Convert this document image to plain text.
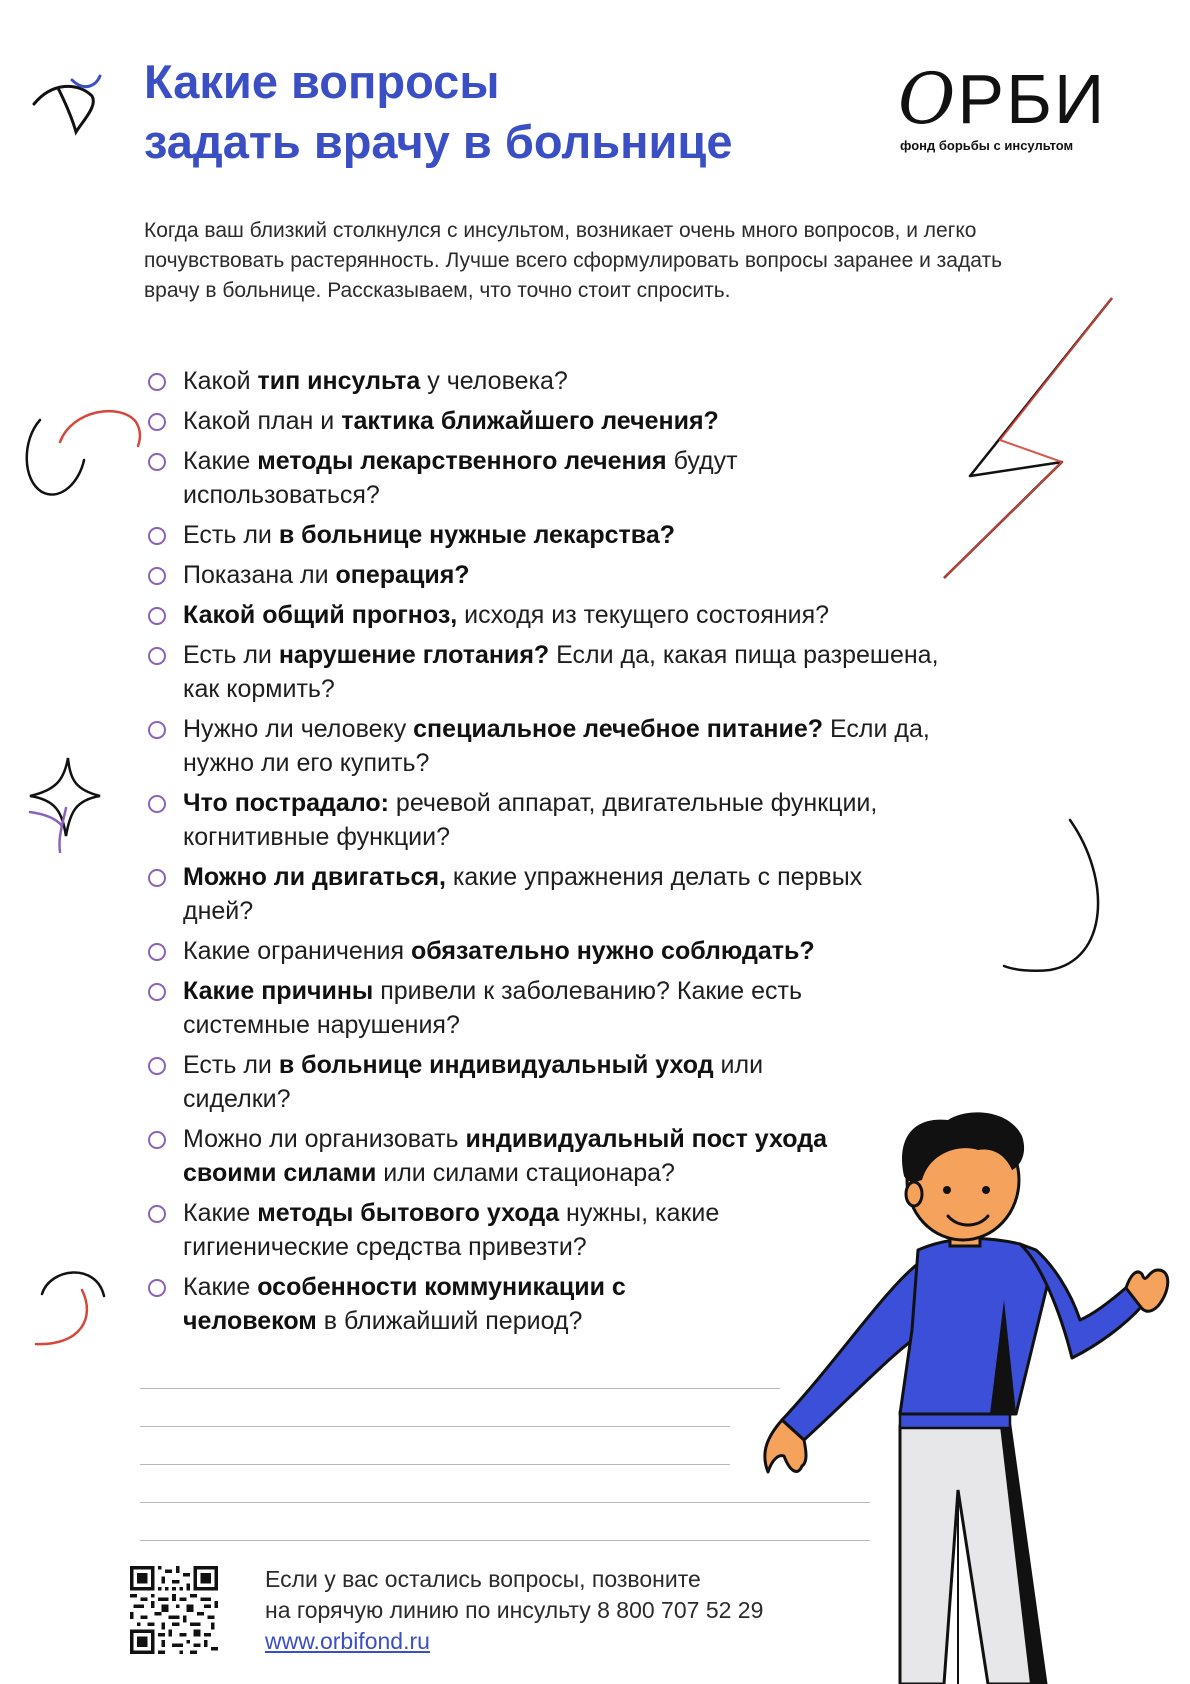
Какие вопросы
задать врачу в больнице
ОРБИ
фонд борьбы с инсультом

Когда ваш близкий столкнулся с инсультом, возникает очень много вопросов, и легко почувствовать растерянность. Лучше всего сформулировать вопросы заранее и задать врачу в больнице. Рассказываем, что точно стоит спросить.

Какой тип инсульта у человека?
Какой план и тактика ближайшего лечения?
Какие методы лекарственного лечения будут использоваться?
Есть ли в больнице нужные лекарства?
Показана ли операция?
Какой общий прогноз, исходя из текущего состояния?
Есть ли нарушение глотания? Если да, какая пища разрешена, как кормить?
Нужно ли человеку специальное лечебное питание? Если да, нужно ли его купить?
Что пострадало: речевой аппарат, двигательные функции, когнитивные функции?
Можно ли двигаться, какие упражнения делать с первых дней?
Какие ограничения обязательно нужно соблюдать?
Какие причины привели к заболеванию? Какие есть системные нарушения?
Есть ли в больнице индивидуальный уход или сиделки?
Можно ли организовать индивидуальный пост ухода своими силами или силами стационара?
Какие методы бытового ухода нужны, какие гигиенические средства привезти?
Какие особенности коммуникации с человеком в ближайший период?
Если у вас остались вопросы, позвоните
на горячую линию по инсульту 8 800 707 52 29
www.orbifond.ru
